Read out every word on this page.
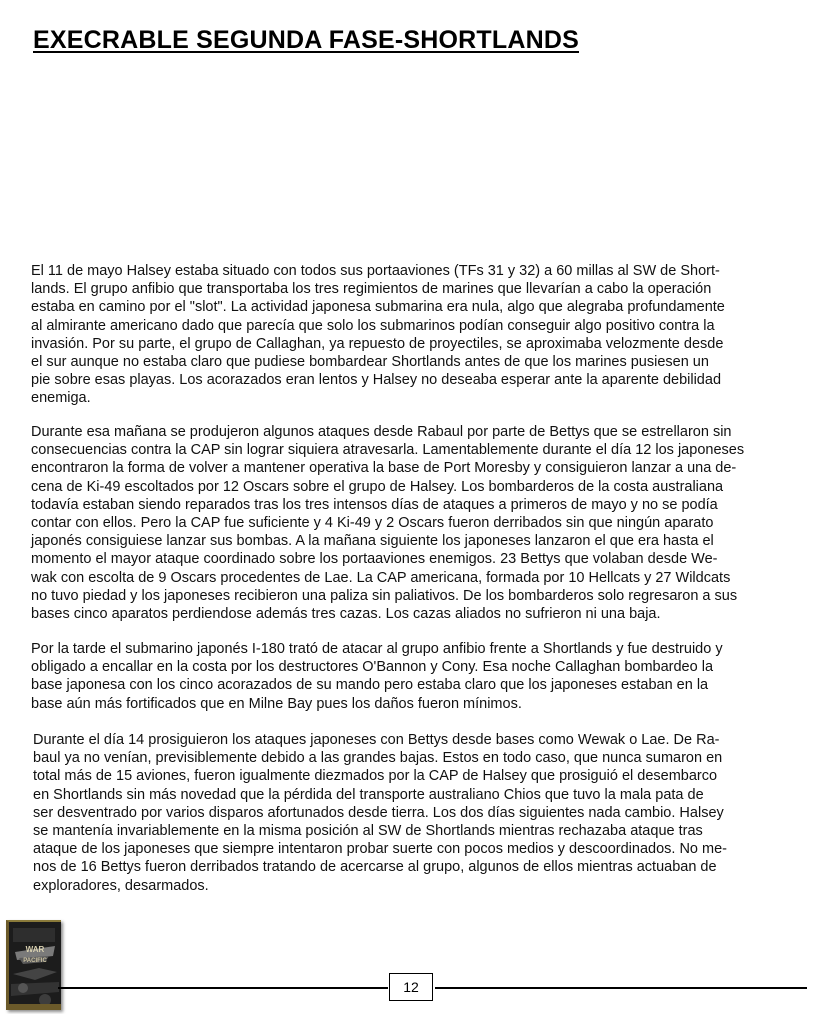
EXECRABLE SEGUNDA FASE-SHORTLANDS
El 11 de mayo Halsey estaba situado con todos sus portaaviones (TFs 31 y 32) a 60 millas al SW de Short-
lands. El grupo anfibio que transportaba los tres regimientos de marines que llevarían a cabo la operación
estaba en camino por el "slot". La actividad japonesa submarina era nula, algo que alegraba profundamente
al almirante americano dado que parecía que solo los submarinos podían conseguir algo positivo contra la
invasión. Por su parte, el grupo de Callaghan, ya repuesto de proyectiles, se aproximaba velozmente desde
el sur aunque no estaba claro que pudiese bombardear Shortlands antes de que los marines pusiesen un
pie sobre esas playas. Los acorazados eran lentos y Halsey no deseaba esperar ante la aparente debilidad
enemiga.
Durante esa mañana se produjeron algunos ataques desde Rabaul por parte de Bettys que se estrellaron sin
consecuencias contra la CAP sin lograr siquiera atravesarla. Lamentablemente durante el día 12 los japoneses
encontraron la forma de volver a mantener operativa la base de Port Moresby y consiguieron lanzar a una de-
cena de Ki-49 escoltados por 12 Oscars sobre el grupo de Halsey. Los bombarderos de la costa australiana
todavía estaban siendo reparados tras los tres intensos días de ataques a primeros de mayo y no se podía
contar con ellos. Pero la CAP fue suficiente y 4 Ki-49 y 2 Oscars fueron derribados sin que ningún aparato
japonés consiguiese lanzar sus bombas. A la mañana siguiente los japoneses lanzaron el que era hasta el
momento el mayor ataque coordinado sobre los portaaviones enemigos. 23 Bettys que volaban desde We-
wak con escolta de 9 Oscars procedentes de Lae. La CAP americana, formada por 10 Hellcats y 27 Wildcats
no tuvo piedad y los japoneses recibieron una paliza sin paliativos. De los bombarderos solo regresaron a sus
bases cinco aparatos perdiendose además tres cazas. Los cazas aliados no sufrieron ni una baja.
Por la tarde el submarino japonés I-180 trató de atacar al grupo anfibio frente a Shortlands y fue destruido y
obligado a encallar en la costa por los destructores O'Bannon y Cony. Esa noche Callaghan bombardeo la
base japonesa con los cinco acorazados de su mando pero estaba claro que los japoneses estaban en la
base aún más fortificados que en Milne Bay pues los daños fueron mínimos.
Durante el día 14 prosiguieron los ataques japoneses con Bettys desde bases como Wewak o Lae. De Ra-
baul ya no venían, previsiblemente debido a las grandes bajas. Estos en todo caso, que nunca sumaron en
total más de 15 aviones, fueron igualmente diezmados por la CAP de Halsey que prosiguió el desembarco
en Shortlands sin más novedad que la pérdida del transporte australiano Chios que tuvo la mala pata de
ser desventrado por varios disparos afortunados desde tierra. Los dos días siguientes nada cambio. Halsey
se mantenía invariablemente en la misma posición al SW de Shortlands mientras rechazaba ataque tras
ataque de los japoneses que siempre intentaron probar suerte con pocos medios y descoordinados. No me-
nos de 16 Bettys fueron derribados tratando de acercarse al grupo, algunos de ellos mientras actuaban de
exploradores, desarmados.
WAR
PACIFIC
12
